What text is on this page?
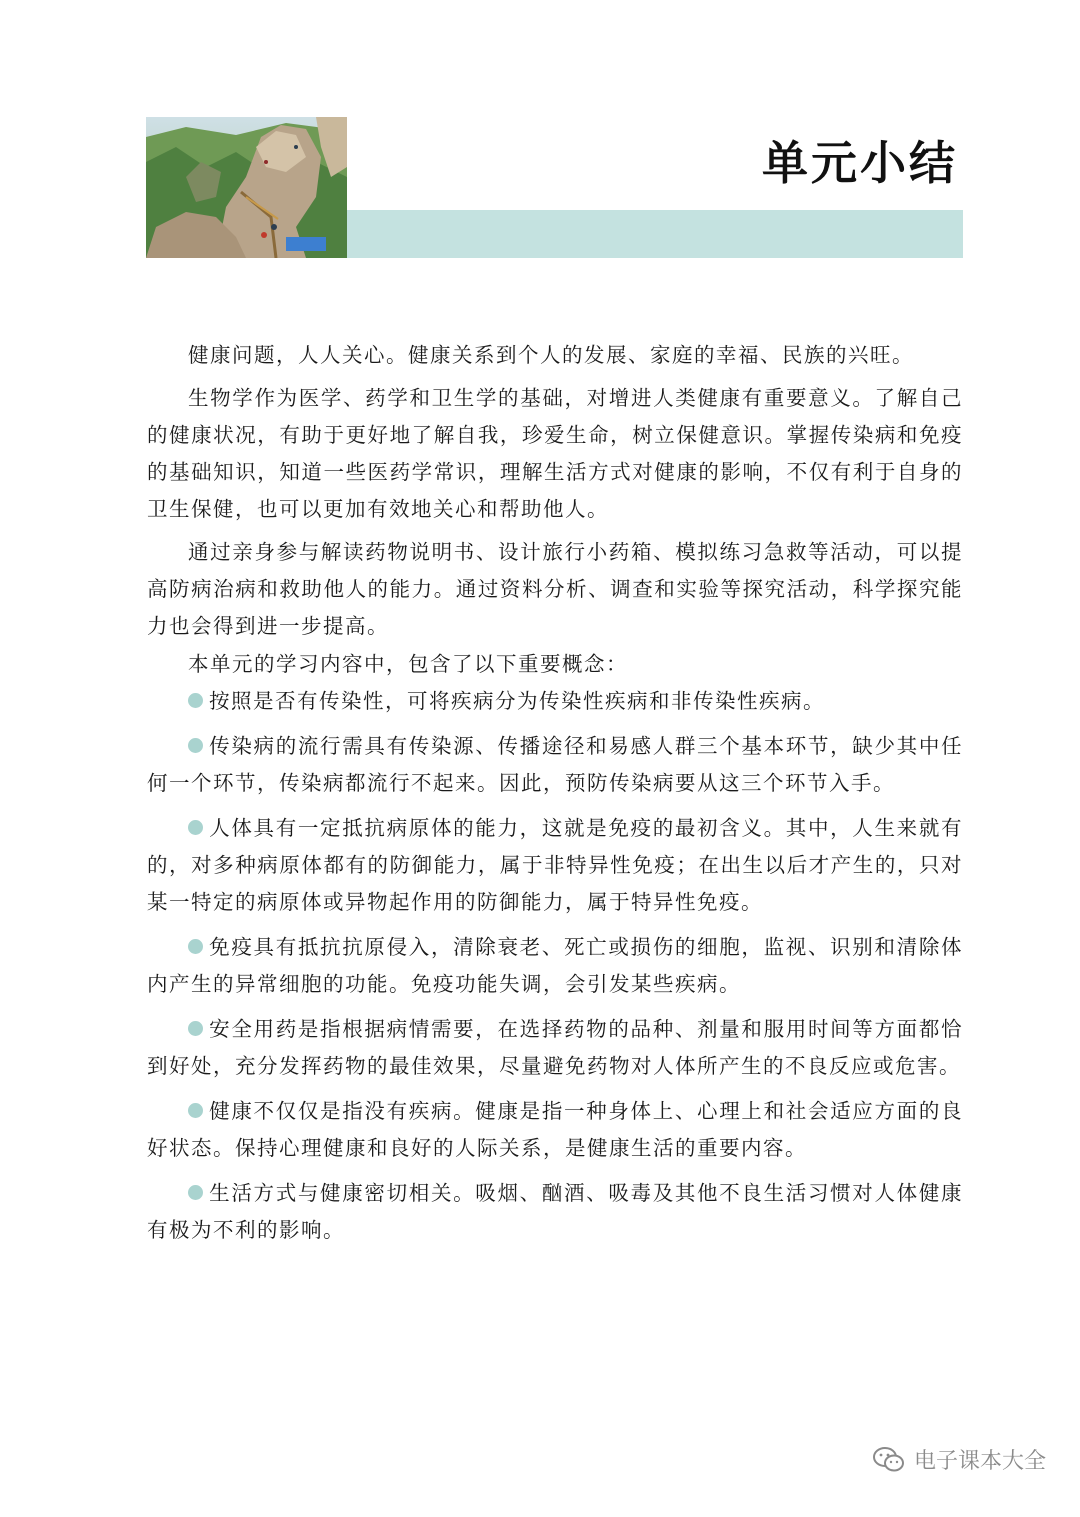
单元小结

健康问题，人人关心。健康关系到个人的发展、家庭的幸福、民族的兴旺。

生物学作为医学、药学和卫生学的基础，对增进人类健康有重要意义。了解自己的健康状况，有助于更好地了解自我，珍爱生命，树立保健意识。掌握传染病和免疫的基础知识，知道一些医药学常识，理解生活方式对健康的影响，不仅有利于自身的卫生保健，也可以更加有效地关心和帮助他人。

通过亲身参与解读药物说明书、设计旅行小药箱、模拟练习急救等活动，可以提高防病治病和救助他人的能力。通过资料分析、调查和实验等探究活动，科学探究能力也会得到进一步提高。

本单元的学习内容中，包含了以下重要概念：

按照是否有传染性，可将疾病分为传染性疾病和非传染性疾病。

传染病的流行需具有传染源、传播途径和易感人群三个基本环节，缺少其中任何一个环节，传染病都流行不起来。因此，预防传染病要从这三个环节入手。

人体具有一定抵抗病原体的能力，这就是免疫的最初含义。其中，人生来就有的，对多种病原体都有的防御能力，属于非特异性免疫；在出生以后才产生的，只对某一特定的病原体或异物起作用的防御能力，属于特异性免疫。

免疫具有抵抗抗原侵入，清除衰老、死亡或损伤的细胞，监视、识别和清除体内产生的异常细胞的功能。免疫功能失调，会引发某些疾病。

安全用药是指根据病情需要，在选择药物的品种、剂量和服用时间等方面都恰到好处，充分发挥药物的最佳效果，尽量避免药物对人体所产生的不良反应或危害。

健康不仅仅是指没有疾病。健康是指一种身体上、心理上和社会适应方面的良好状态。保持心理健康和良好的人际关系，是健康生活的重要内容。

生活方式与健康密切相关。吸烟、酗酒、吸毒及其他不良生活习惯对人体健康有极为不利的影响。

电子课本大全
